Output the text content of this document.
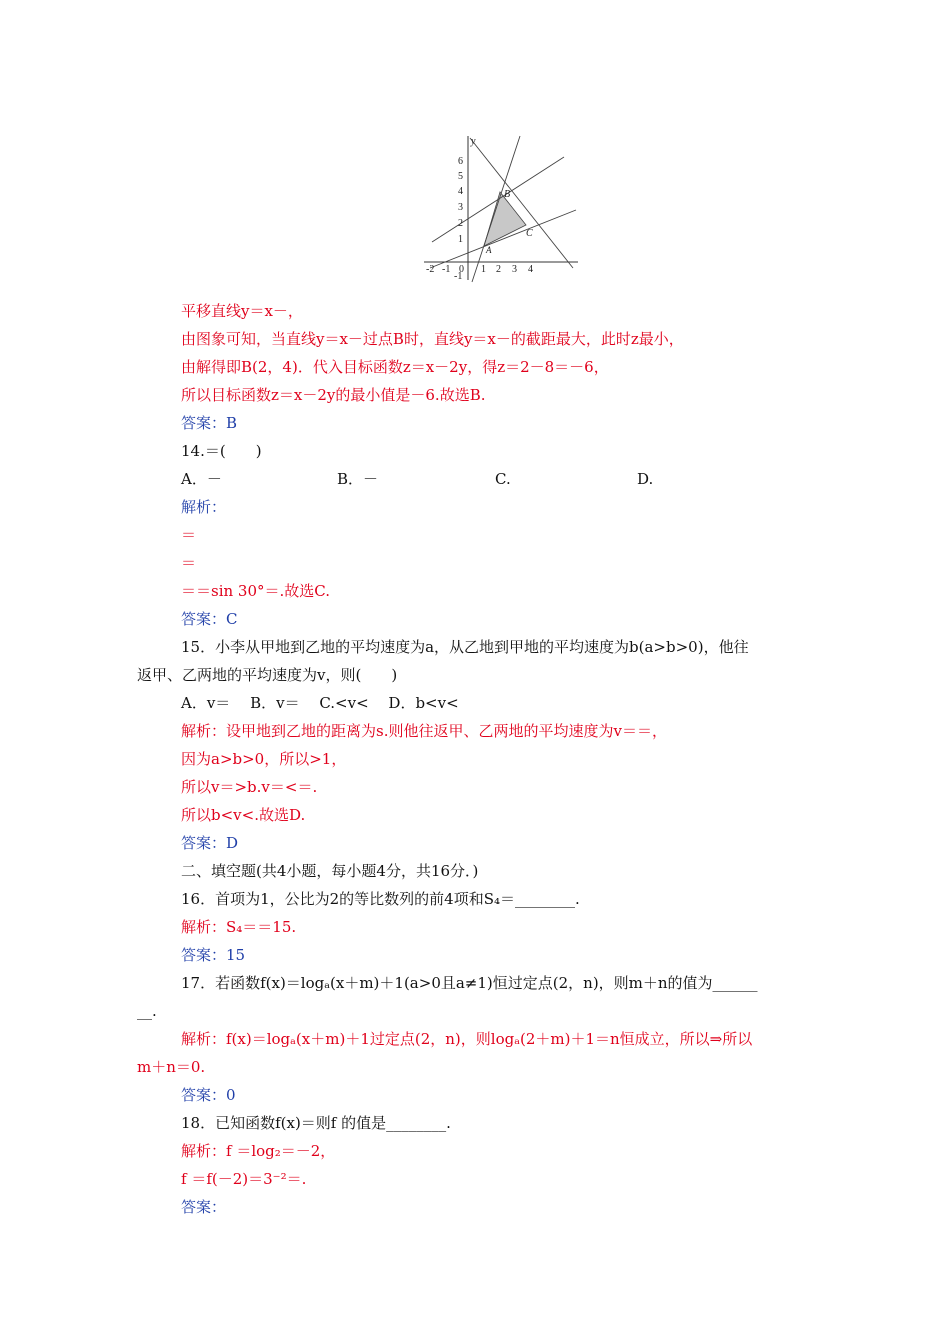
y
6
5
4
3
2
1
-1
-2 -1 0 1 2 3 4
A
B
C
平移直线y＝x－，
由图象可知，当直线y＝x－过点B时，直线y＝x－的截距最大，此时z最小，
由解得即B(2，4)．代入目标函数z＝x－2y，得z＝2－8＝－6，
所以目标函数z＝x－2y的最小值是－6.故选B.
答案：B
14.＝(　　)
A．－	B．－	C.	D.
解析：
＝
＝
＝＝sin 30°＝.故选C.
答案：C
15．小李从甲地到乙地的平均速度为a，从乙地到甲地的平均速度为b(a>b>0)，他往
返甲、乙两地的平均速度为v，则(　　)
A．v＝　 B．v＝　 C.<v<　 D．b<v<
解析：设甲地到乙地的距离为s.则他往返甲、乙两地的平均速度为v＝＝，
因为a>b>0，所以>1，
所以v＝>b.v＝<＝.
所以b<v<.故选D.
答案：D
二、填空题(共4小题，每小题4分，共16分．)
16．首项为1，公比为2的等比数列的前4项和S₄＝________.
解析：S₄＝＝15.
答案：15
17．若函数f(x)＝logₐ(x＋m)＋1(a>0且a≠1)恒过定点(2，n)，则m＋n的值为______
__.
解析：f(x)＝logₐ(x＋m)＋1过定点(2，n)，则logₐ(2＋m)＋1＝n恒成立，所以⇒所以
m＋n＝0.
答案：0
18．已知函数f(x)＝则f 的值是________.
解析：f ＝log₂＝－2，
f ＝f(－2)＝3⁻²＝.
答案：
